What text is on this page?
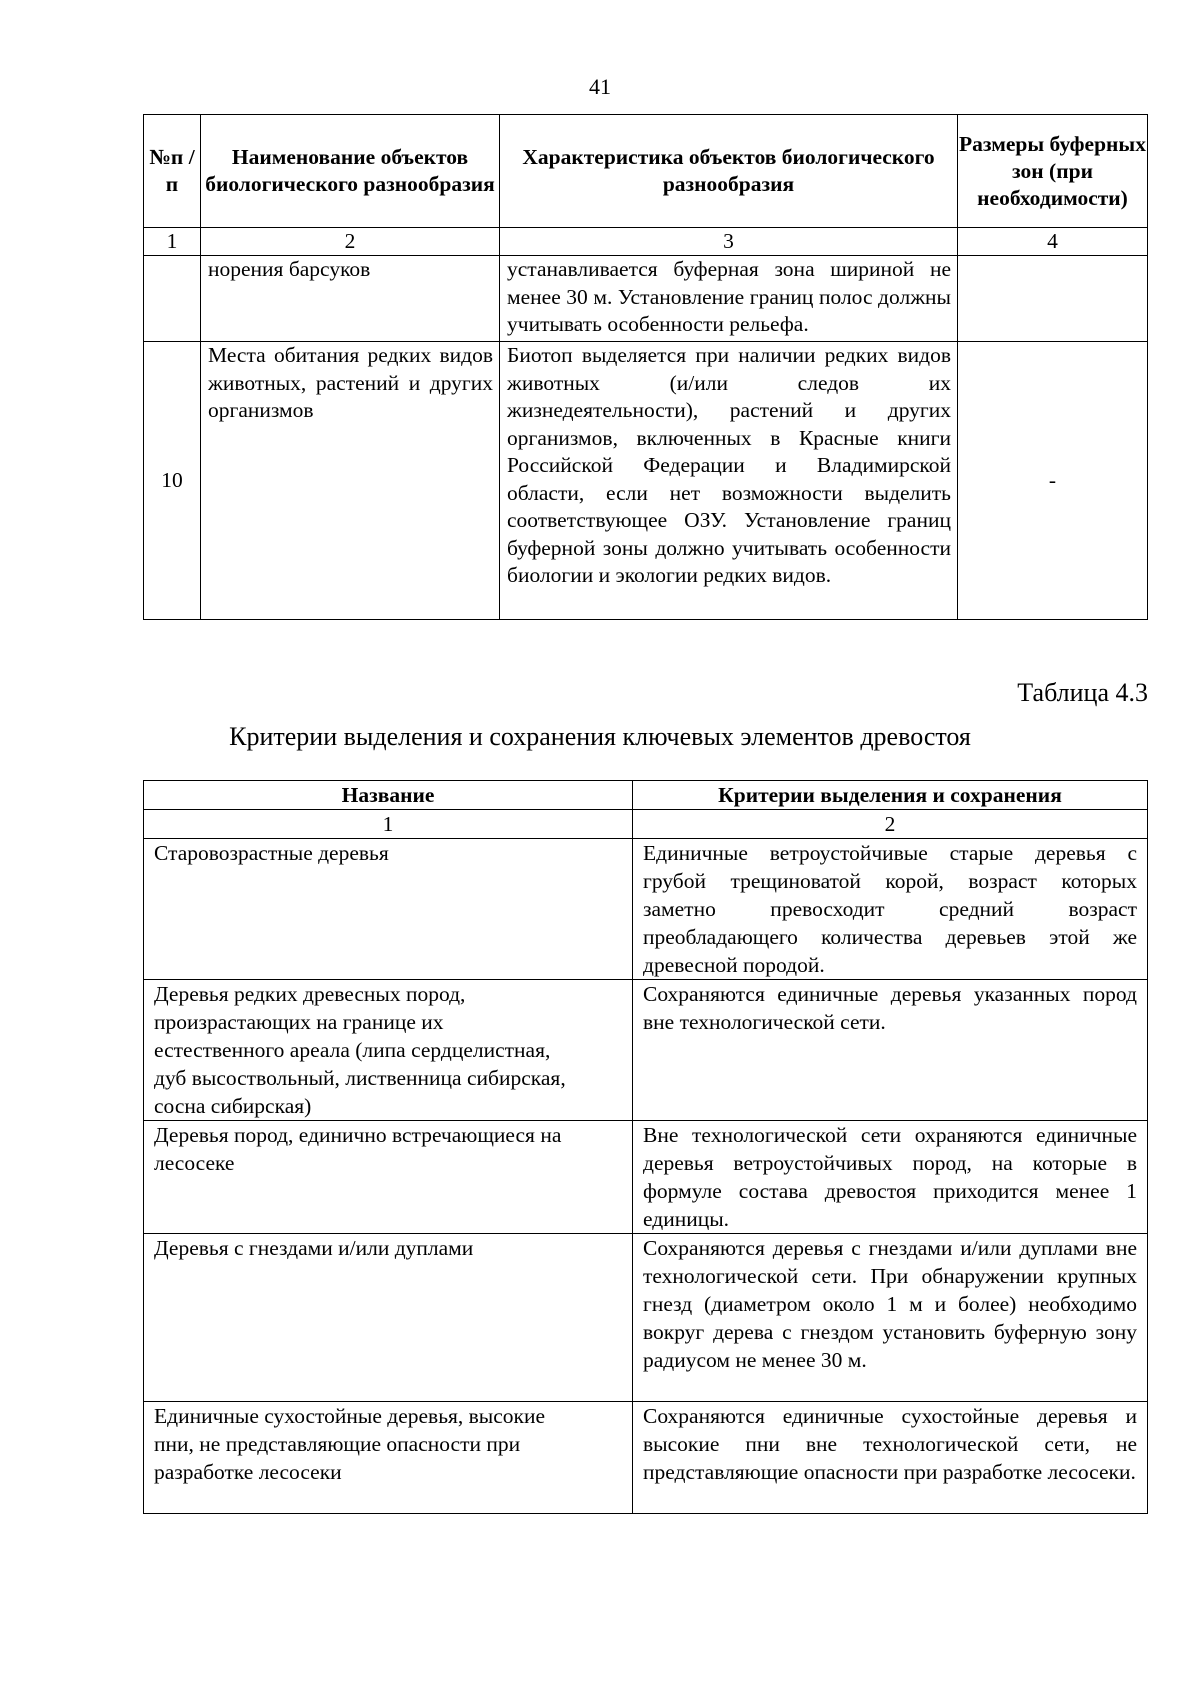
41
№п /п	Наименование объектов биологического разнообразия	Характеристика объектов биологического разнообразия	Размеры буферных зон (при необходимости)
1	2	3	4
	норения барсуков	устанавливается буферная зона шириной не менее 30 м. Установление границ полос должны учитывать особенности рельефа.	
10	Места обитания редких видов животных, растений и других организмов	Биотоп выделяется при наличии редких видов животных (и/или следов их жизнедеятельности), растений и других организмов, включенных в Красные книги Российской Федерации и Владимирской области, если нет возможности выделить соответствующее ОЗУ. Установление границ буферной зоны должно учитывать особенности биологии и экологии редких видов.	-
Таблица 4.3
Критерии выделения и сохранения ключевых элементов древостоя
Название	Критерии выделения и сохранения
1	2
Старовозрастные деревья	Единичные ветроустойчивые старые деревья с грубой трещиноватой корой, возраст которых заметно превосходит средний возраст преобладающего количества деревьев этой же древесной породой.

Деревья редких древесных пород,
произрастающих на границе их
естественного ареала (липа сердцелистная,
дуб высоствольный, лиственница сибирская,
сосна сибирская)	Сохраняются единичные деревья указанных пород вне технологической сети.
Деревья пород, единично встречающиеся на лесосеке	Вне технологической сети охраняются единичные деревья ветроустойчивых пород, на которые в формуле состава древостоя приходится менее 1 единицы.
Деревья с гнездами и/или дуплами	Сохраняются деревья с гнездами и/или дуплами вне технологической сети. При обнаружении крупных гнезд (диаметром около 1 м и более) необходимо вокруг дерева с гнездом установить буферную зону радиусом не менее 30 м.

Единичные сухостойные деревья, высокие
пни, не представляющие опасности при
разработке лесосеки	Сохраняются единичные сухостойные деревья и высокие пни вне технологической сети, не представляющие опасности при разработке лесосеки.
